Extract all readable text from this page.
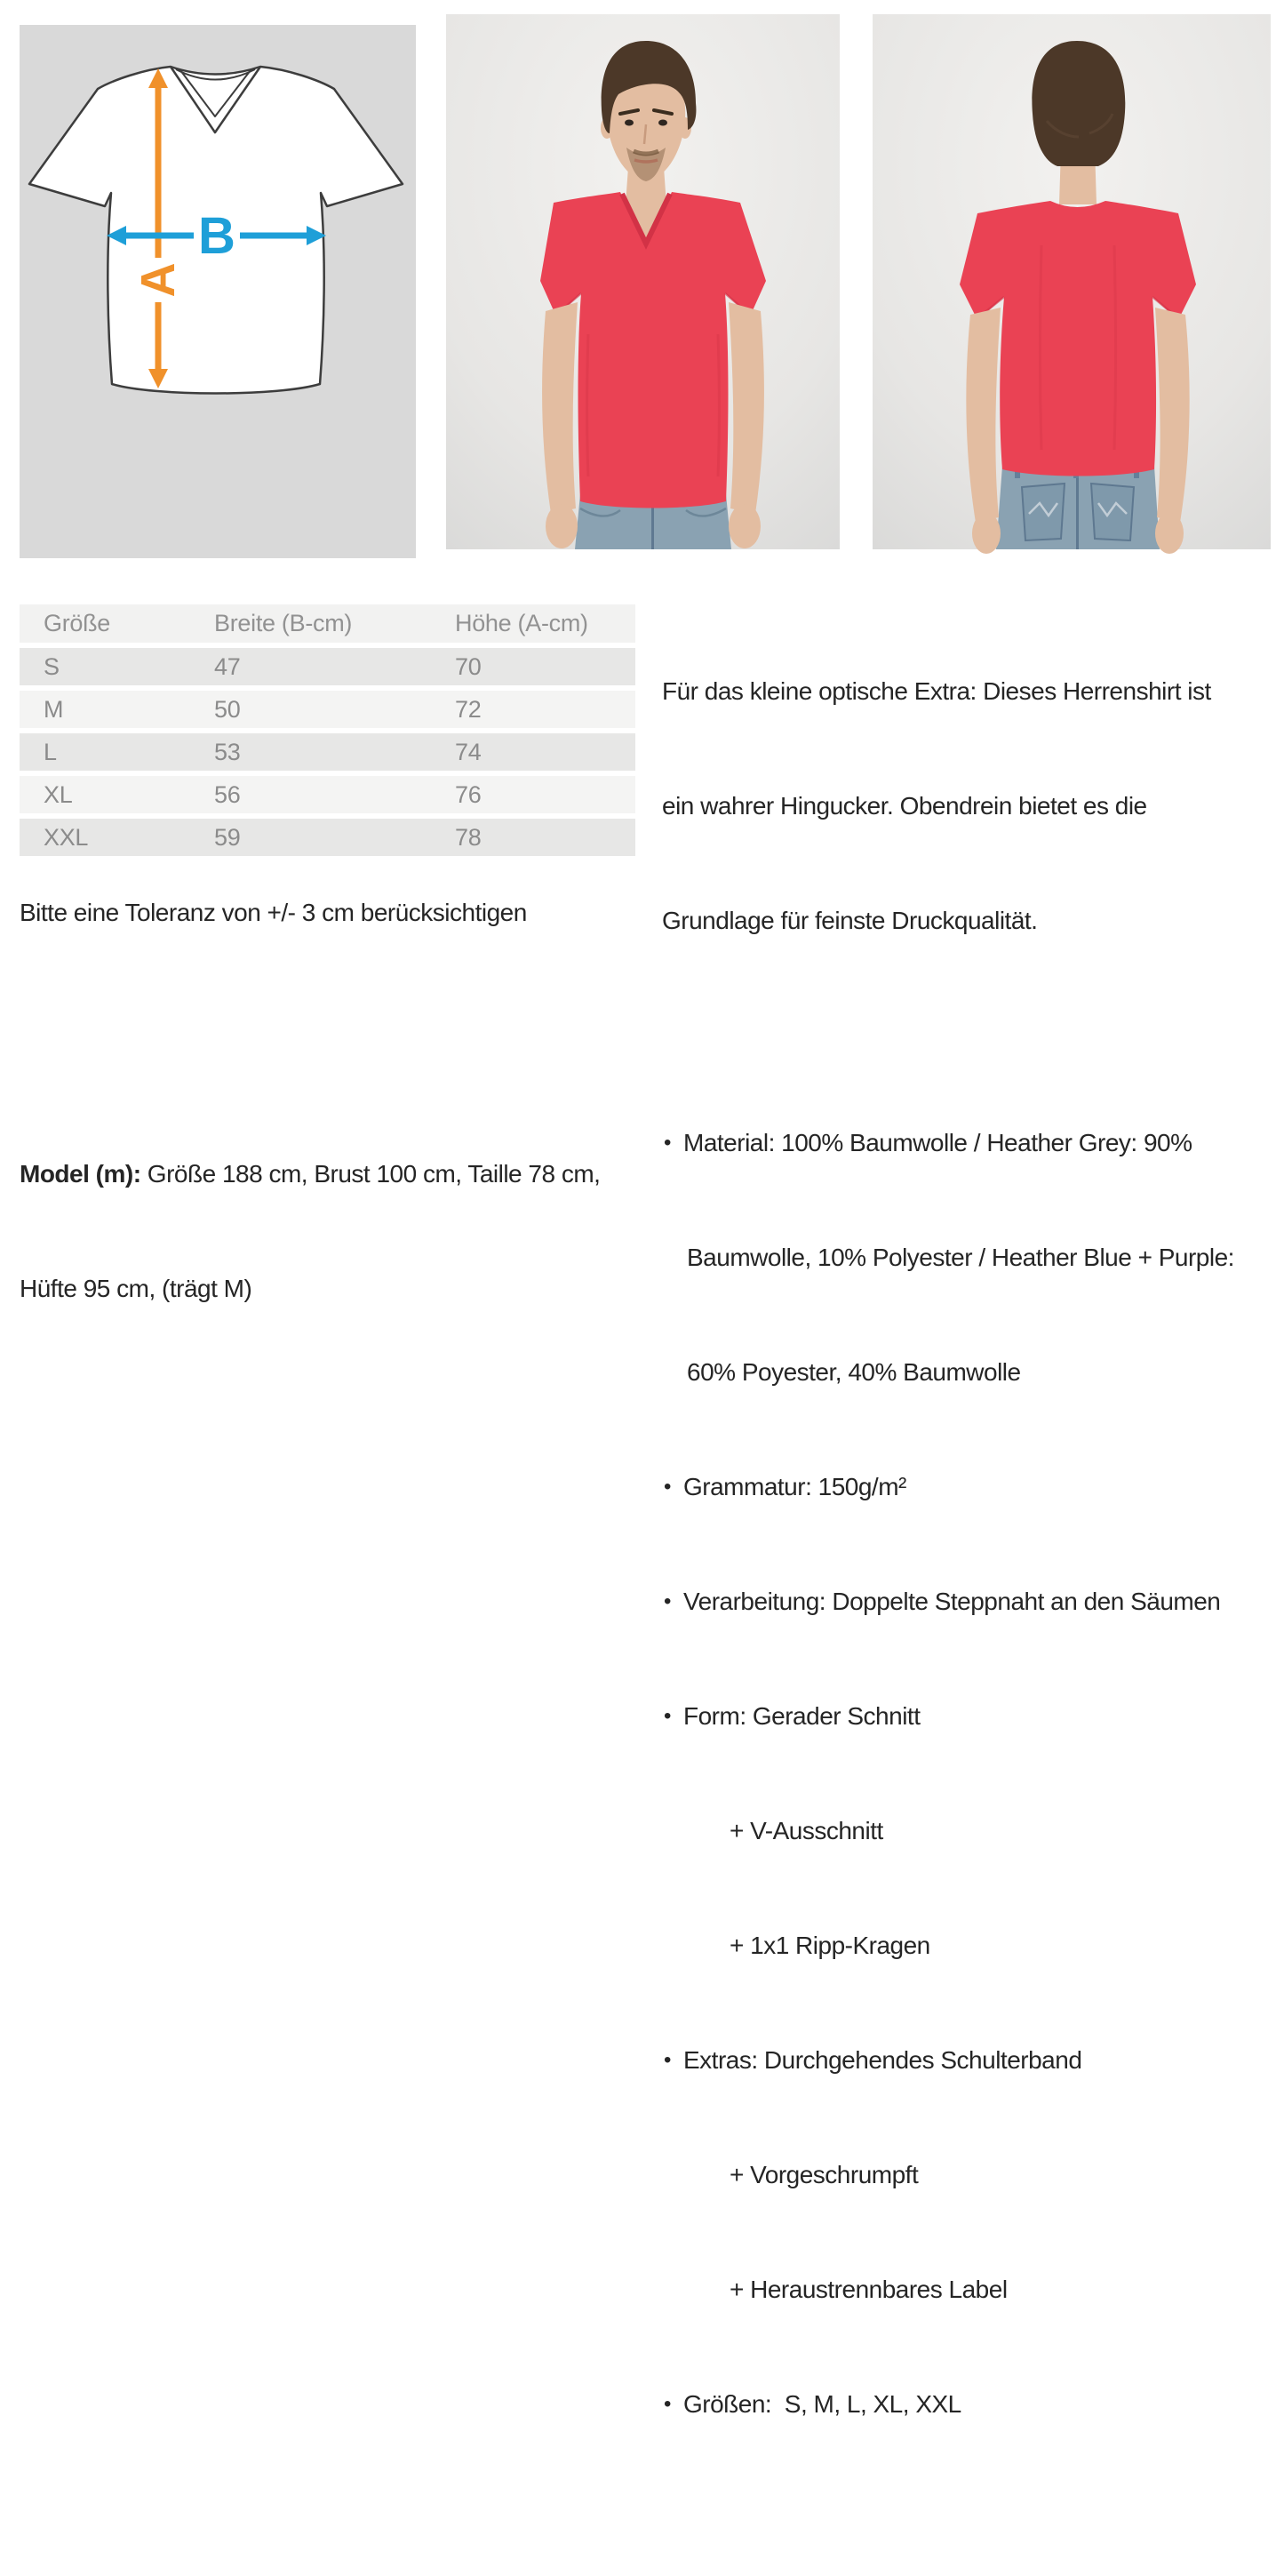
A
B
Größe	Breite (B-cm)	Höhe (A-cm)
S	47	70
M	50	72
L	53	74
XL	56	76
XXL	59	78
Bitte eine Toleranz von +/- 3 cm berücksichtigen

Model (m): Größe 188 cm, Brust 100 cm, Taille 78 cm,

Hüfte 95 cm, (trägt M)

Für das kleine optische Extra: Dieses Herrenshirt ist

ein wahrer Hingucker. Obendrein bietet es die

Grundlage für feinste Druckqualität.

• Material: 100% Baumwolle / Heather Grey: 90%

Baumwolle, 10% Polyester / Heather Blue + Purple:

60% Poyester, 40% Baumwolle

• Grammatur: 150g/m²

• Verarbeitung: Doppelte Steppnaht an den Säumen

• Form: Gerader Schnitt

+ V-Ausschnitt

+ 1x1 Ripp-Kragen

• Extras: Durchgehendes Schulterband

+ Vorgeschrumpft

+ Heraustrennbares Label

• Größen:  S, M, L, XL, XXL
